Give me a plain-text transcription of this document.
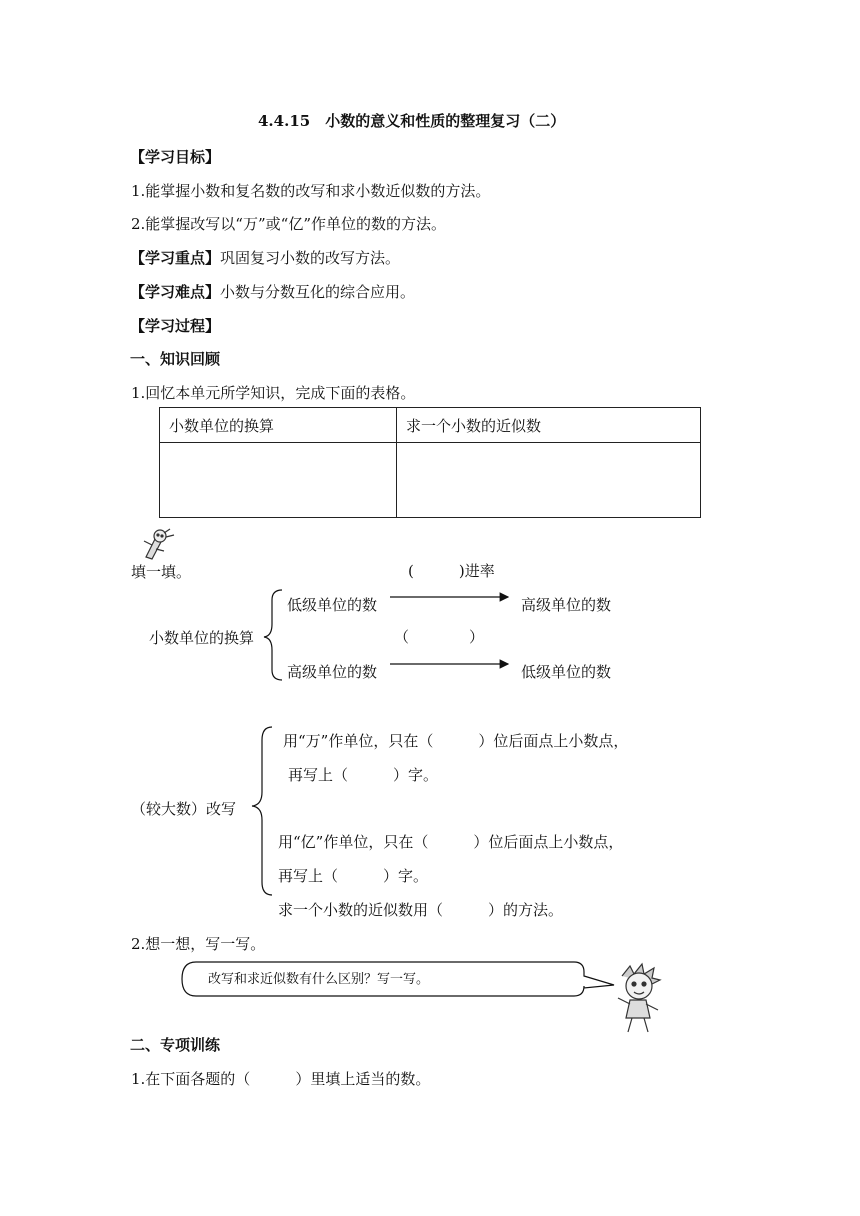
4.4.15　小数的意义和性质的整理复习（二）
【学习目标】
1.能掌握小数和复名数的改写和求小数近似数的方法。
2.能掌握改写以“万”或“亿”作单位的数的方法。
【学习重点】巩固复习小数的改写方法。
【学习难点】小数与分数互化的综合应用。
【学习过程】
一、知识回顾
1.回忆本单元所学知识，完成下面的表格。
小数单位的换算	求一个小数的近似数

填一填。	(　　　)进率
低级单位的数	高级单位的数
小数单位的换算	（　　　　）
高级单位的数	低级单位的数
用“万”作单位，只在（　　　）位后面点上小数点，
再写上（　　　）字。
（较大数）改写
用“亿”作单位，只在（　　　）位后面点上小数点，
再写上（　　　）字。
求一个小数的近似数用（　　　）的方法。
2.想一想，写一写。
改写和求近似数有什么区别？写一写。
二、专项训练
1.在下面各题的（　　　）里填上适当的数。
